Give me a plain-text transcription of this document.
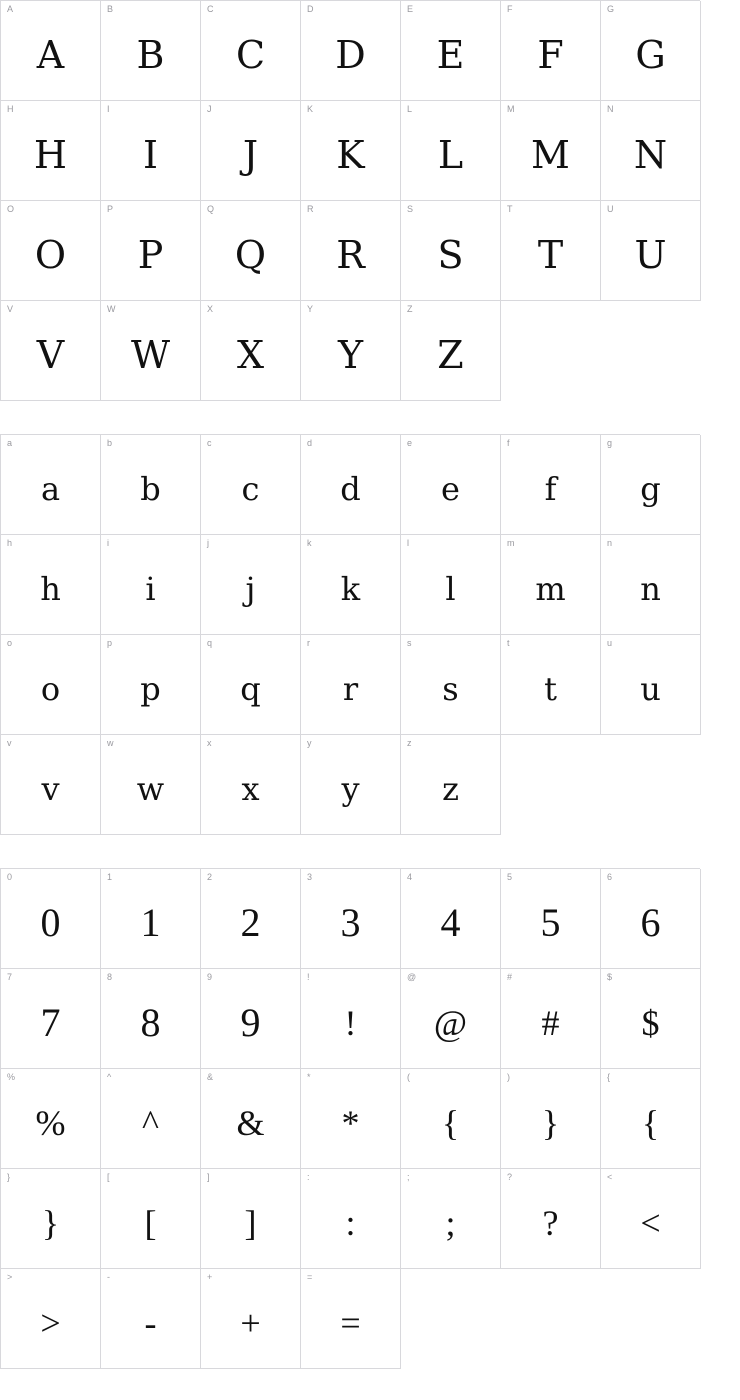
A
A
B
B
C
C
D
D
E
E
F
F
G
G
H
H
I
I
J
J
K
K
L
L
M
M
N
N
O
O
P
P
Q
Q
R
R
S
S
T
T
U
U
V
V
W
W
X
X
Y
Y
Z
Z
a
a
b
b
c
c
d
d
e
e
f
f
g
g
h
h
i
i
j
j
k
k
l
l
m
m
n
n
o
o
p
p
q
q
r
r
s
s
t
t
u
u
v
v
w
w
x
x
y
y
z
z
0
0
1
1
2
2
3
3
4
4
5
5
6
6
7
7
8
8
9
9
!
!
@
@
#
#
$
$
%
%
^
^
&
&
*
*
(
{
)
}
{
{
}
}
[
[
]
]
:
:
;
;
?
?
<
<
>
>
-
-
+
+
=
=
